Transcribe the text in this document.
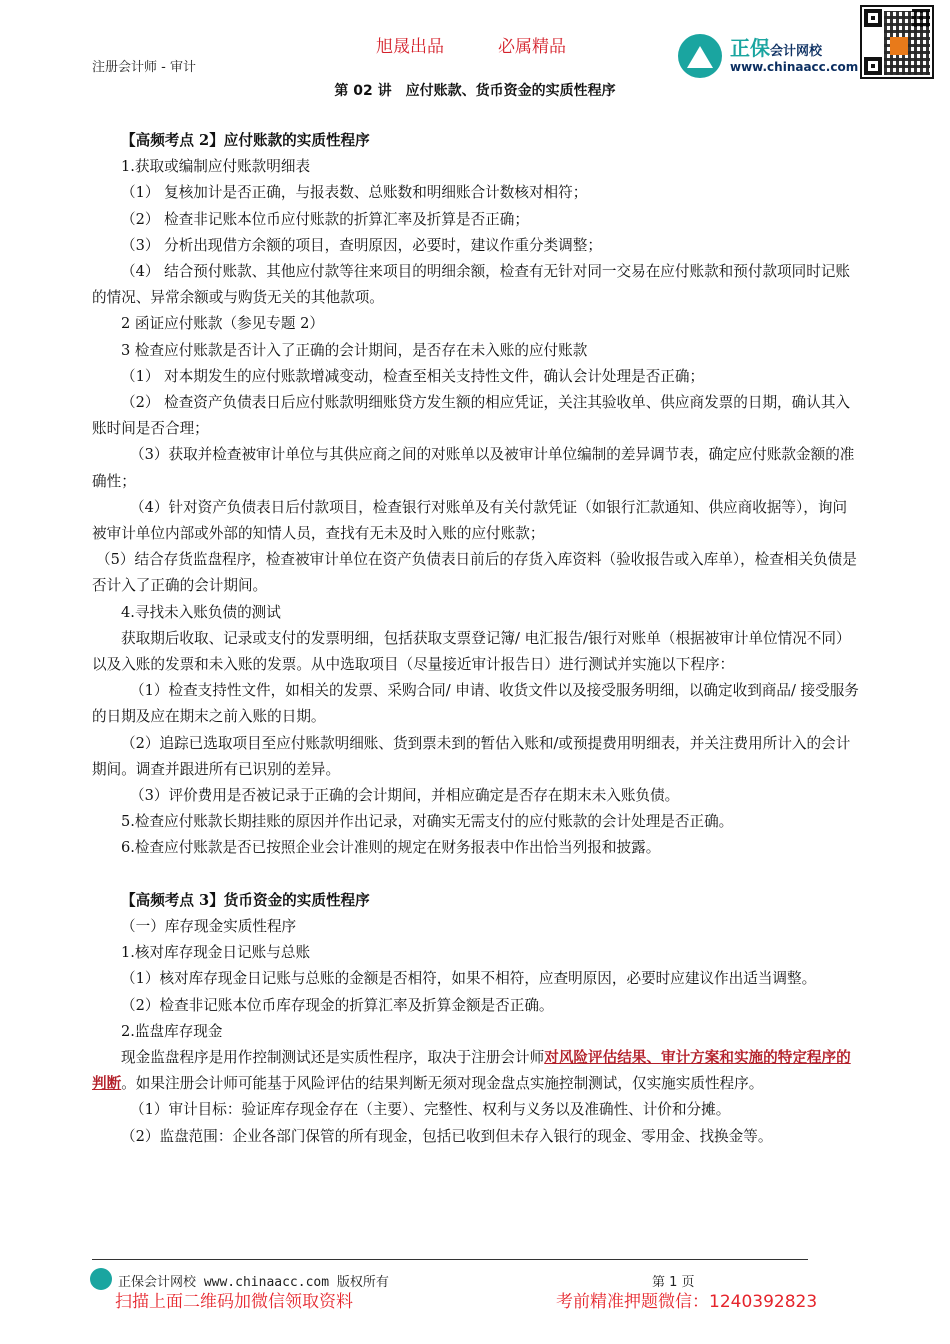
旭晟出品	必属精品
注册会计师 - 审计
第 02 讲　应付账款、货币资金的实质性程序
正保会计网校
www.chinaacc.com

【高频考点 2】应付账款的实质性程序

1.获取或编制应付账款明细表

（1） 复核加计是否正确，与报表数、总账数和明细账合计数核对相符；

（2） 检查非记账本位币应付账款的折算汇率及折算是否正确；

（3） 分析出现借方余额的项目，查明原因，必要时，建议作重分类调整；

（4） 结合预付账款、其他应付款等往来项目的明细余额，检查有无针对同一交易在应付账款和预付款项同时记账的情况、异常余额或与购货无关的其他款项。

2 函证应付账款（参见专题 2）

3 检查应付账款是否计入了正确的会计期间，是否存在未入账的应付账款

（1） 对本期发生的应付账款增减变动，检查至相关支持性文件，确认会计处理是否正确；

（2） 检查资产负债表日后应付账款明细账贷方发生额的相应凭证，关注其验收单、供应商发票的日期，确认其入账时间是否合理；

（3）获取并检查被审计单位与其供应商之间的对账单以及被审计单位编制的差异调节表，确定应付账款金额的准确性；

（4）针对资产负债表日后付款项目，检查银行对账单及有关付款凭证（如银行汇款通知、供应商收据等），询问被审计单位内部或外部的知情人员，查找有无未及时入账的应付账款；

（5）结合存货监盘程序，检查被审计单位在资产负债表日前后的存货入库资料（验收报告或入库单），检查相关负债是否计入了正确的会计期间。

4.寻找未入账负债的测试

获取期后收取、记录或支付的发票明细，包括获取支票登记簿/ 电汇报告/银行对账单（根据被审计单位情况不同）以及入账的发票和未入账的发票。从中选取项目（尽量接近审计报告日）进行测试并实施以下程序：

（1）检查支持性文件，如相关的发票、采购合同/ 申请、收货文件以及接受服务明细，以确定收到商品/ 接受服务的日期及应在期末之前入账的日期。

（2）追踪已选取项目至应付账款明细账、货到票未到的暂估入账和/或预提费用明细表，并关注费用所计入的会计期间。调查并跟进所有已识别的差异。

（3）评价费用是否被记录于正确的会计期间，并相应确定是否存在期末未入账负债。

5.检查应付账款长期挂账的原因并作出记录，对确实无需支付的应付账款的会计处理是否正确。

6.检查应付账款是否已按照企业会计准则的规定在财务报表中作出恰当列报和披露。

【高频考点 3】货币资金的实质性程序

（一）库存现金实质性程序

1.核对库存现金日记账与总账

（1）核对库存现金日记账与总账的金额是否相符，如果不相符，应查明原因，必要时应建议作出适当调整。

（2）检查非记账本位币库存现金的折算汇率及折算金额是否正确。

2.监盘库存现金

现金监盘程序是用作控制测试还是实质性程序，取决于注册会计师对风险评估结果、审计方案和实施的特定程序的判断。如果注册会计师可能基于风险评估的结果判断无须对现金盘点实施控制测试，仅实施实质性程序。

（1）审计目标：验证库存现金存在（主要）、完整性、权利与义务以及准确性、计价和分摊。

（2）监盘范围：企业各部门保管的所有现金，包括已收到但未存入银行的现金、零用金、找换金等。

正保会计网校 www.chinaacc.com 版权所有	第 1 页
扫描上面二维码加微信领取资料	考前精准押题微信：1240392823
